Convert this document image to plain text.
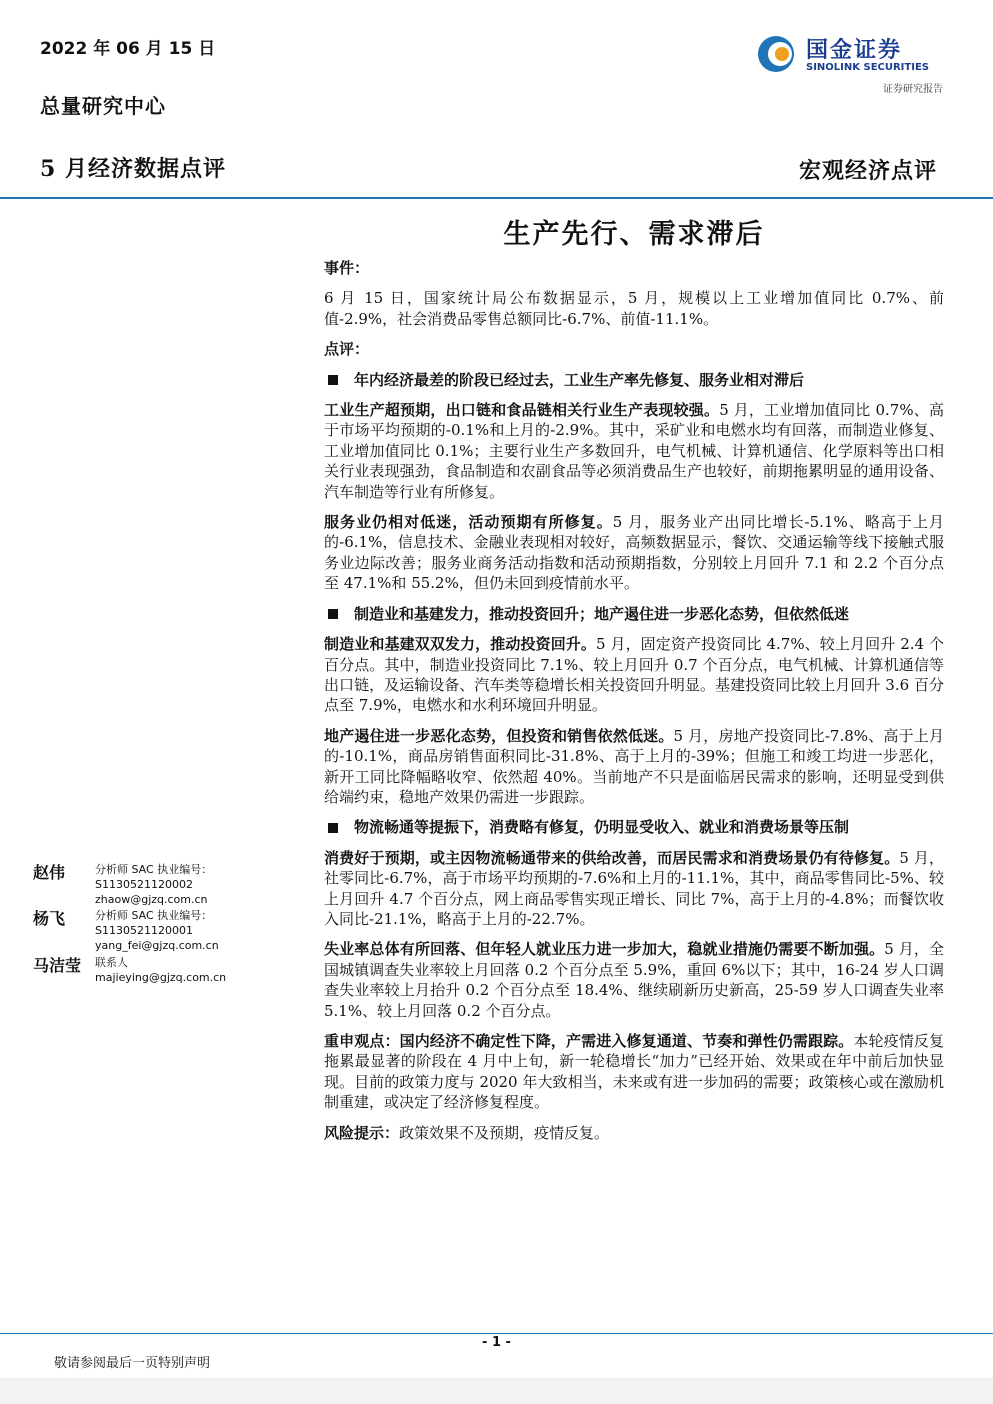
2022 年 06 月 15 日
总量研究中心
5 月经济数据点评	宏观经济点评
国金证券
SINOLINK SECURITIES
证券研究报告
生产先行、需求滞后

事件：

6 月 15 日，国家统计局公布数据显示，5 月，规模以上工业增加值同比 0.7%、前值-2.9%，社会消费品零售总额同比-6.7%、前值-11.1%。

点评：

年内经济最差的阶段已经过去，工业生产率先修复、服务业相对滞后

工业生产超预期，出口链和食品链相关行业生产表现较强。5 月，工业增加值同比 0.7%、高于市场平均预期的-0.1%和上月的-2.9%。其中，采矿业和电燃水均有回落，而制造业修复、工业增加值同比 0.1%；主要行业生产多数回升，电气机械、计算机通信、化学原料等出口相关行业表现强劲，食品制造和农副食品等必须消费品生产也较好，前期拖累明显的通用设备、汽车制造等行业有所修复。

服务业仍相对低迷，活动预期有所修复。5 月，服务业产出同比增长-5.1%、略高于上月的-6.1%，信息技术、金融业表现相对较好，高频数据显示，餐饮、交通运输等线下接触式服务业边际改善；服务业商务活动指数和活动预期指数，分别较上月回升 7.1 和 2.2 个百分点至 47.1%和 55.2%，但仍未回到疫情前水平。

制造业和基建发力，推动投资回升；地产遏住进一步恶化态势，但依然低迷

制造业和基建双双发力，推动投资回升。5 月，固定资产投资同比 4.7%、较上月回升 2.4 个百分点。其中，制造业投资同比 7.1%、较上月回升 0.7 个百分点，电气机械、计算机通信等出口链，及运输设备、汽车类等稳增长相关投资回升明显。基建投资同比较上月回升 3.6 百分点至 7.9%，电燃水和水利环境回升明显。

地产遏住进一步恶化态势，但投资和销售依然低迷。5 月，房地产投资同比-7.8%、高于上月的-10.1%，商品房销售面积同比-31.8%、高于上月的-39%；但施工和竣工均进一步恶化，新开工同比降幅略收窄、依然超 40%。当前地产不只是面临居民需求的影响，还明显受到供给端约束，稳地产效果仍需进一步跟踪。

物流畅通等提振下，消费略有修复，仍明显受收入、就业和消费场景等压制

消费好于预期，或主因物流畅通带来的供给改善，而居民需求和消费场景仍有待修复。5 月，社零同比-6.7%，高于市场平均预期的-7.6%和上月的-11.1%，其中，商品零售同比-5%、较上月回升 4.7 个百分点，网上商品零售实现正增长、同比 7%，高于上月的-4.8%；而餐饮收入同比-21.1%，略高于上月的-22.7%。

失业率总体有所回落、但年轻人就业压力进一步加大，稳就业措施仍需要不断加强。5 月，全国城镇调查失业率较上月回落 0.2 个百分点至 5.9%，重回 6%以下；其中，16-24 岁人口调查失业率较上月抬升 0.2 个百分点至 18.4%、继续刷新历史新高，25-59 岁人口调查失业率 5.1%、较上月回落 0.2 个百分点。

重申观点：国内经济不确定性下降，产需进入修复通道、节奏和弹性仍需跟踪。本轮疫情反复拖累最显著的阶段在 4 月中上旬，新一轮稳增长“加力”已经开始、效果或在年中前后加快显现。目前的政策力度与 2020 年大致相当，未来或有进一步加码的需要；政策核心或在激励机制重建，或决定了经济修复程度。

风险提示：政策效果不及预期，疫情反复。

赵伟	分析师 SAC 执业编号：S1130521120002
zhaow@gjzq.com.cn
杨飞	分析师 SAC 执业编号：S1130521120001
yang_fei@gjzq.com.cn
马洁莹 联系人
majieying@gjzq.com.cn
- 1 -
敬请参阅最后一页特别声明
